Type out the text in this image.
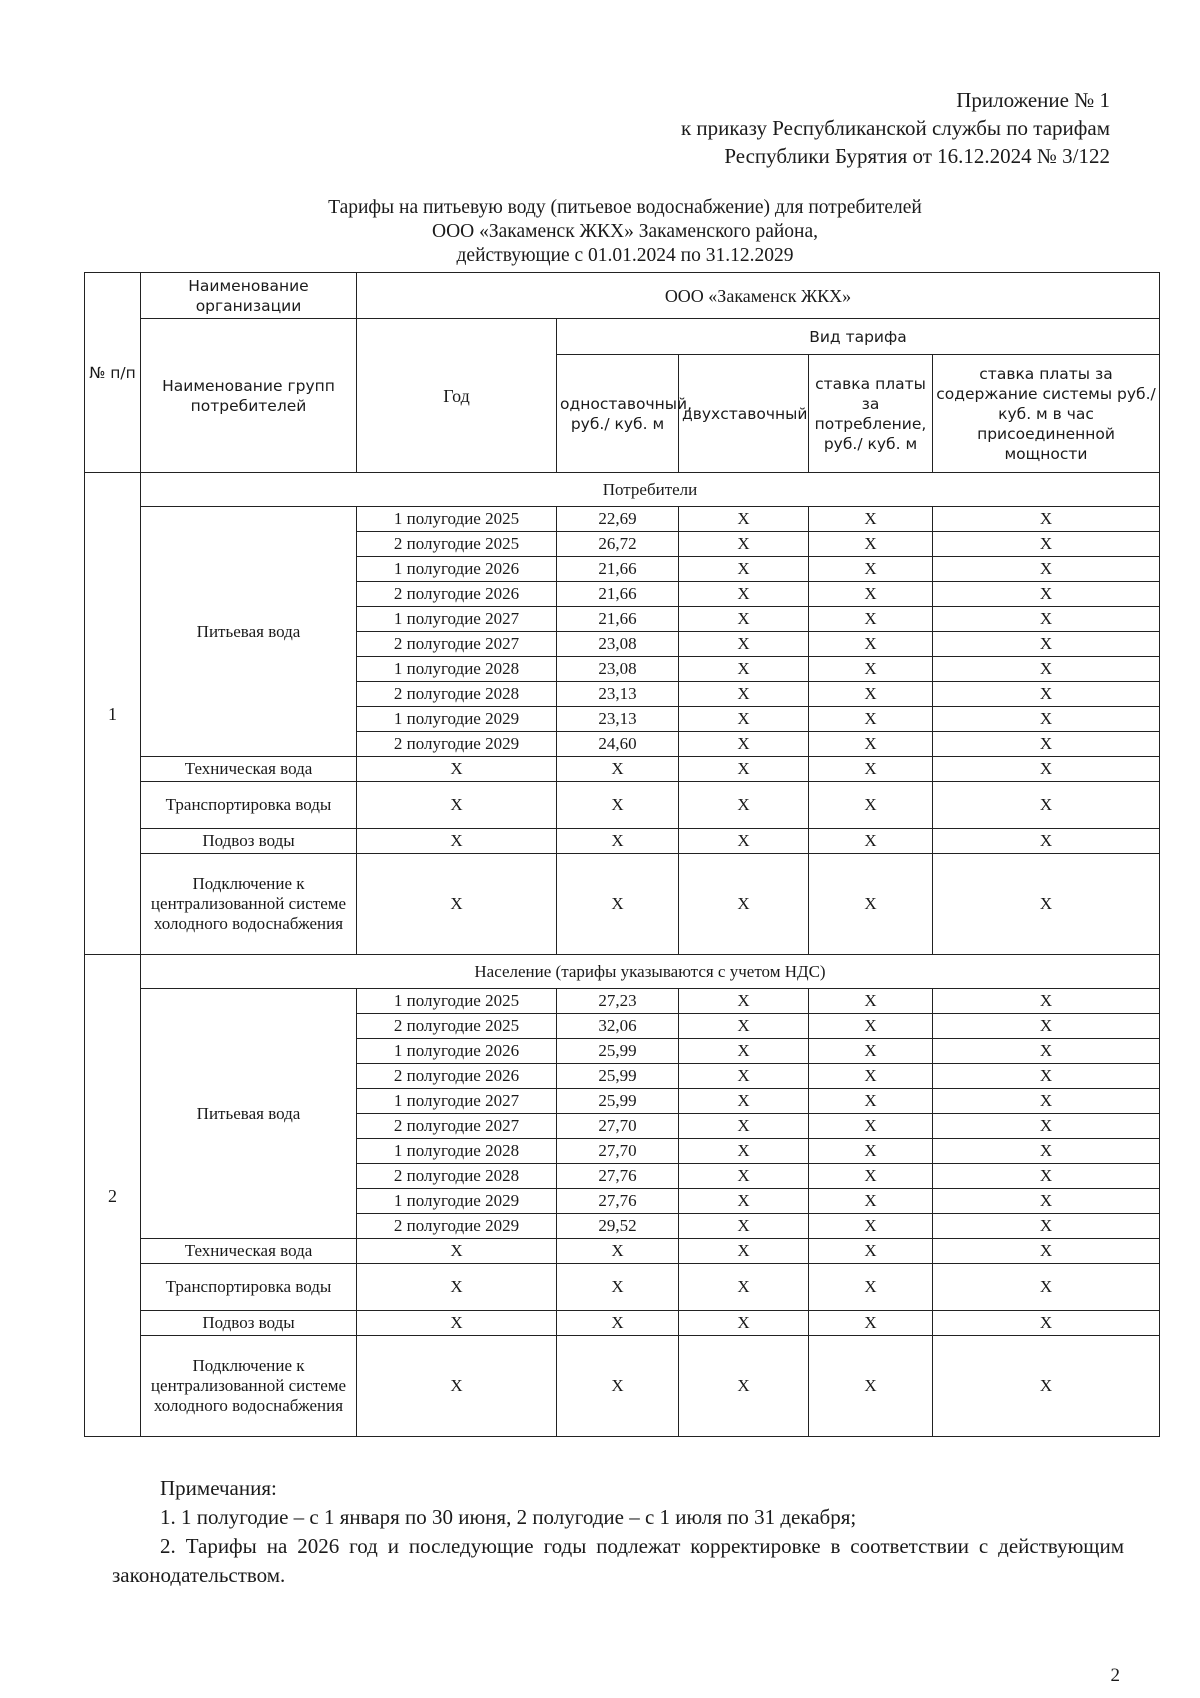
Приложение № 1
к приказу Республиканской службы по тарифам
Республики Бурятия от 16.12.2024 № 3/122
Тарифы на питьевую воду (питьевое водоснабжение) для потребителей
ООО «Закаменск ЖКХ» Закаменского района,
действующие с 01.01.2024 по 31.12.2029
№ п/п	Наименование организации	ООО «Закаменск ЖКХ»				
	Наименование групп потребителей	Год	Вид тарифа			
			одноставочный, руб./ куб. м	двухставочный	ставка платы за потребление, руб./ куб. м	ставка платы за содержание системы руб./куб. м в час присоединенной мощности
1	Потребители					
	Питьевая вода	1 полугодие 2025	22,69	X	X	X
		2 полугодие 2025	26,72	X	X	X
		1 полугодие 2026	21,66	X	X	X
		2 полугодие 2026	21,66	X	X	X
		1 полугодие 2027	21,66	X	X	X
		2 полугодие 2027	23,08	X	X	X
		1 полугодие 2028	23,08	X	X	X
		2 полугодие 2028	23,13	X	X	X
		1 полугодие 2029	23,13	X	X	X
		2 полугодие 2029	24,60	X	X	X
	Техническая вода	X	X	X	X	X
	Транспортировка воды	X	X	X	X	X
	Подвоз воды	X	X	X	X	X
	Подключение к централизованной системе холодного водоснабжения	X	X	X	X	X
2	Население (тарифы указываются с учетом НДС)					
	Питьевая вода	1 полугодие 2025	27,23	X	X	X
		2 полугодие 2025	32,06	X	X	X
		1 полугодие 2026	25,99	X	X	X
		2 полугодие 2026	25,99	X	X	X
		1 полугодие 2027	25,99	X	X	X
		2 полугодие 2027	27,70	X	X	X
		1 полугодие 2028	27,70	X	X	X
		2 полугодие 2028	27,76	X	X	X
		1 полугодие 2029	27,76	X	X	X
		2 полугодие 2029	29,52	X	X	X
	Техническая вода	X	X	X	X	X
	Транспортировка воды	X	X	X	X	X
	Подвоз воды	X	X	X	X	X
	Подключение к централизованной системе холодного водоснабжения	X	X	X	X	X

Примечания:

1. 1 полугодие – с 1 января по 30 июня, 2 полугодие – с 1 июля по 31 декабря;

2. Тарифы на 2026 год и последующие годы подлежат корректировке в соответствии с действующим законодательством.

2
